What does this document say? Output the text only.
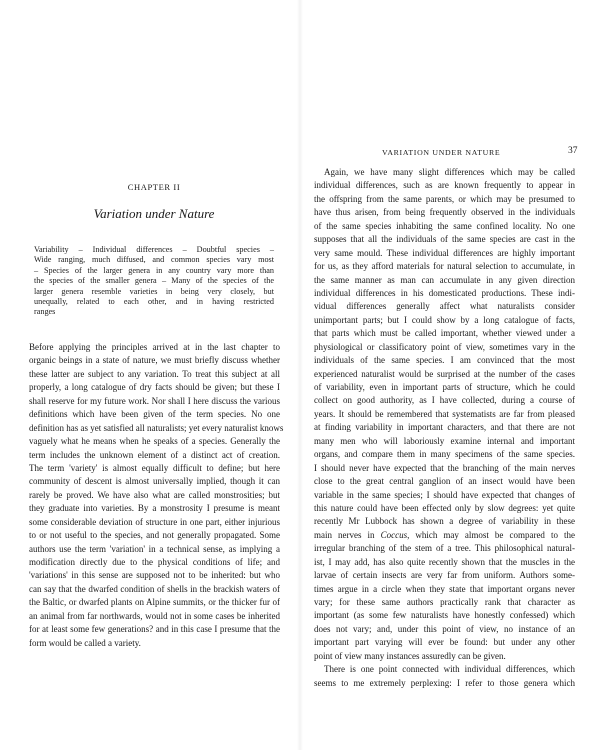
CHAPTER II
Variation under Nature
Variability – Individual differences – Doubtful species –
Wide ranging, much diffused, and common species vary most
– Species of the larger genera in any country vary more than
the species of the smaller genera – Many of the species of the
larger genera resemble varieties in being very closely, but
unequally, related to each other, and in having restricted
ranges
Before applying the principles arrived at in the last chapter to
organic beings in a state of nature, we must briefly discuss whether
these latter are subject to any variation. To treat this subject at all
properly, a long catalogue of dry facts should be given; but these I
shall reserve for my future work. Nor shall I here discuss the various
definitions which have been given of the term species. No one
definition has as yet satisfied all naturalists; yet every naturalist knows
vaguely what he means when he speaks of a species. Generally the
term includes the unknown element of a distinct act of creation.
The term 'variety' is almost equally difficult to define; but here
community of descent is almost universally implied, though it can
rarely be proved. We have also what are called monstrosities; but
they graduate into varieties. By a monstrosity I presume is meant
some considerable deviation of structure in one part, either injurious
to or not useful to the species, and not generally propagated. Some
authors use the term 'variation' in a technical sense, as implying a
modification directly due to the physical conditions of life; and
'variations' in this sense are supposed not to be inherited: but who
can say that the dwarfed condition of shells in the brackish waters of
the Baltic, or dwarfed plants on Alpine summits, or the thicker fur of
an animal from far northwards, would not in some cases be inherited
for at least some few generations? and in this case I presume that the
form would be called a variety.
VARIATION UNDER NATURE	37
Again, we have many slight differences which may be called
individual differences, such as are known frequently to appear in
the offspring from the same parents, or which may be presumed to
have thus arisen, from being frequently observed in the individuals
of the same species inhabiting the same confined locality. No one
supposes that all the individuals of the same species are cast in the
very same mould. These individual differences are highly important
for us, as they afford materials for natural selection to accumulate, in
the same manner as man can accumulate in any given direction
individual differences in his domesticated productions. These indi-
vidual differences generally affect what naturalists consider
unimportant parts; but I could show by a long catalogue of facts,
that parts which must be called important, whether viewed under a
physiological or classificatory point of view, sometimes vary in the
individuals of the same species. I am convinced that the most
experienced naturalist would be surprised at the number of the cases
of variability, even in important parts of structure, which he could
collect on good authority, as I have collected, during a course of
years. It should be remembered that systematists are far from pleased
at finding variability in important characters, and that there are not
many men who will laboriously examine internal and important
organs, and compare them in many specimens of the same species.
I should never have expected that the branching of the main nerves
close to the great central ganglion of an insect would have been
variable in the same species; I should have expected that changes of
this nature could have been effected only by slow degrees: yet quite
recently Mr Lubbock has shown a degree of variability in these
main nerves in Coccus, which may almost be compared to the
irregular branching of the stem of a tree. This philosophical natural-
ist, I may add, has also quite recently shown that the muscles in the
larvae of certain insects are very far from uniform. Authors some-
times argue in a circle when they state that important organs never
vary; for these same authors practically rank that character as
important (as some few naturalists have honestly confessed) which
does not vary; and, under this point of view, no instance of an
important part varying will ever be found: but under any other
point of view many instances assuredly can be given.
There is one point connected with individual differences, which
seems to me extremely perplexing: I refer to those genera which
